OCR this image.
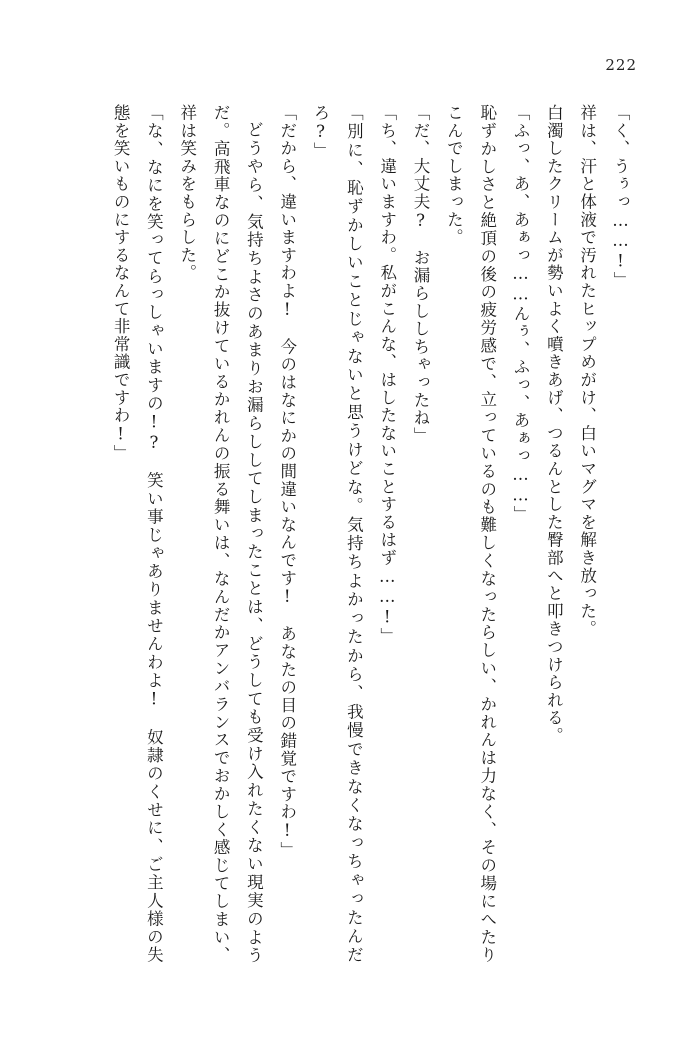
222

「く、うぅっ……!」

祥は、汗と体液で汚れたヒップめがけ、白いマグマを解き放った。

白濁したクリームが勢いよく噴きあげ、つるんとした臀部へと叩きつけられる。

「ふっ、あ、あぁっ……んぅ、ふっ、あぁっ……」

恥ずかしさと絶頂の後の疲労感で、立っているのも難しくなったらしい、かれんは力なく、その場にへたりこんでしまった。

「だ、大丈夫?　お漏らししちゃったね」

「ち、違いますわ。私がこんな、はしたないことするはず……!」

「別に、恥ずかしいことじゃないと思うけどな。気持ちよかったから、我慢できなくなっちゃったんだろ?」

「だから、違いますわよ!　今のはなにかの間違いなんです!　あなたの目の錯覚ですわ!」

どうやら、気持ちよさのあまりお漏らししてしまったことは、どうしても受け入れたくない現実のようだ。高飛車なのにどこか抜けているかれんの振る舞いは、なんだかアンバランスでおかしく感じてしまい、祥は笑みをもらした。

「な、なにを笑ってらっしゃいますの!?　笑い事じゃありませんわよ!　奴隷のくせに、ご主人様の失態を笑いものにするなんて非常識ですわ!」
